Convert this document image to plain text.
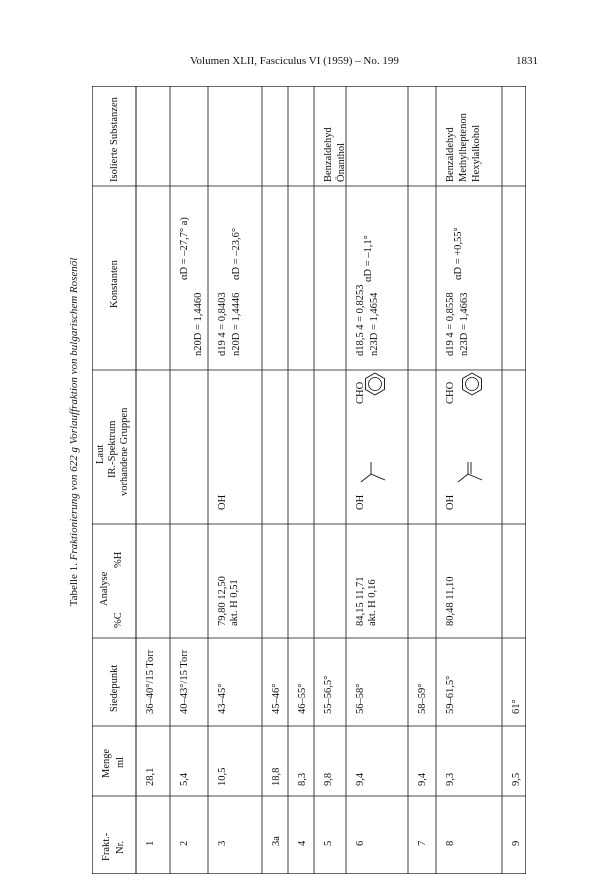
Volumen XLII, Fasciculus VI (1959) – No. 199	1831
Tabelle 1. Fraktionierung von 622 g Vorlauffraktion von bulgarischem Rosenöl
Frakt.- Nr.
Menge ml
Siedepunkt
Analyse
%C
%H
Laut IR.-Spektrum vorhandene Gruppen
Konstanten
Isolierte Substanzen
1
28,1
36–40°/15 Torr
2
5,4
40–43°/15 Torr
αD = –27,7° a)
n20D = 1,4460
3
10,5
43–45°
79,80 12,50 akt. H 0,51
OH
d19 4 = 0,8403 n20D = 1,4446
αD = –23,6°
3a
18,8
45–46°
4
8,3
46–55°
5
9,8
55–56,5°
Benzaldehyd Önanthol
6
9,4
56–58°
84,15 11,71 akt. H 0,16
OH
CHO
d18,5 4 = 0,8253 n23D = 1,4654
αD = –1,1°
7
9,4
58–59°
8
9,3
59–61,5°
80,48 11,10
OH
CHO
d19 4 = 0,8558 n23D = 1,4663
αD = +0,55°
Benzaldehyd Methylheptenon Hexylalkohol
9
9,5
61°
